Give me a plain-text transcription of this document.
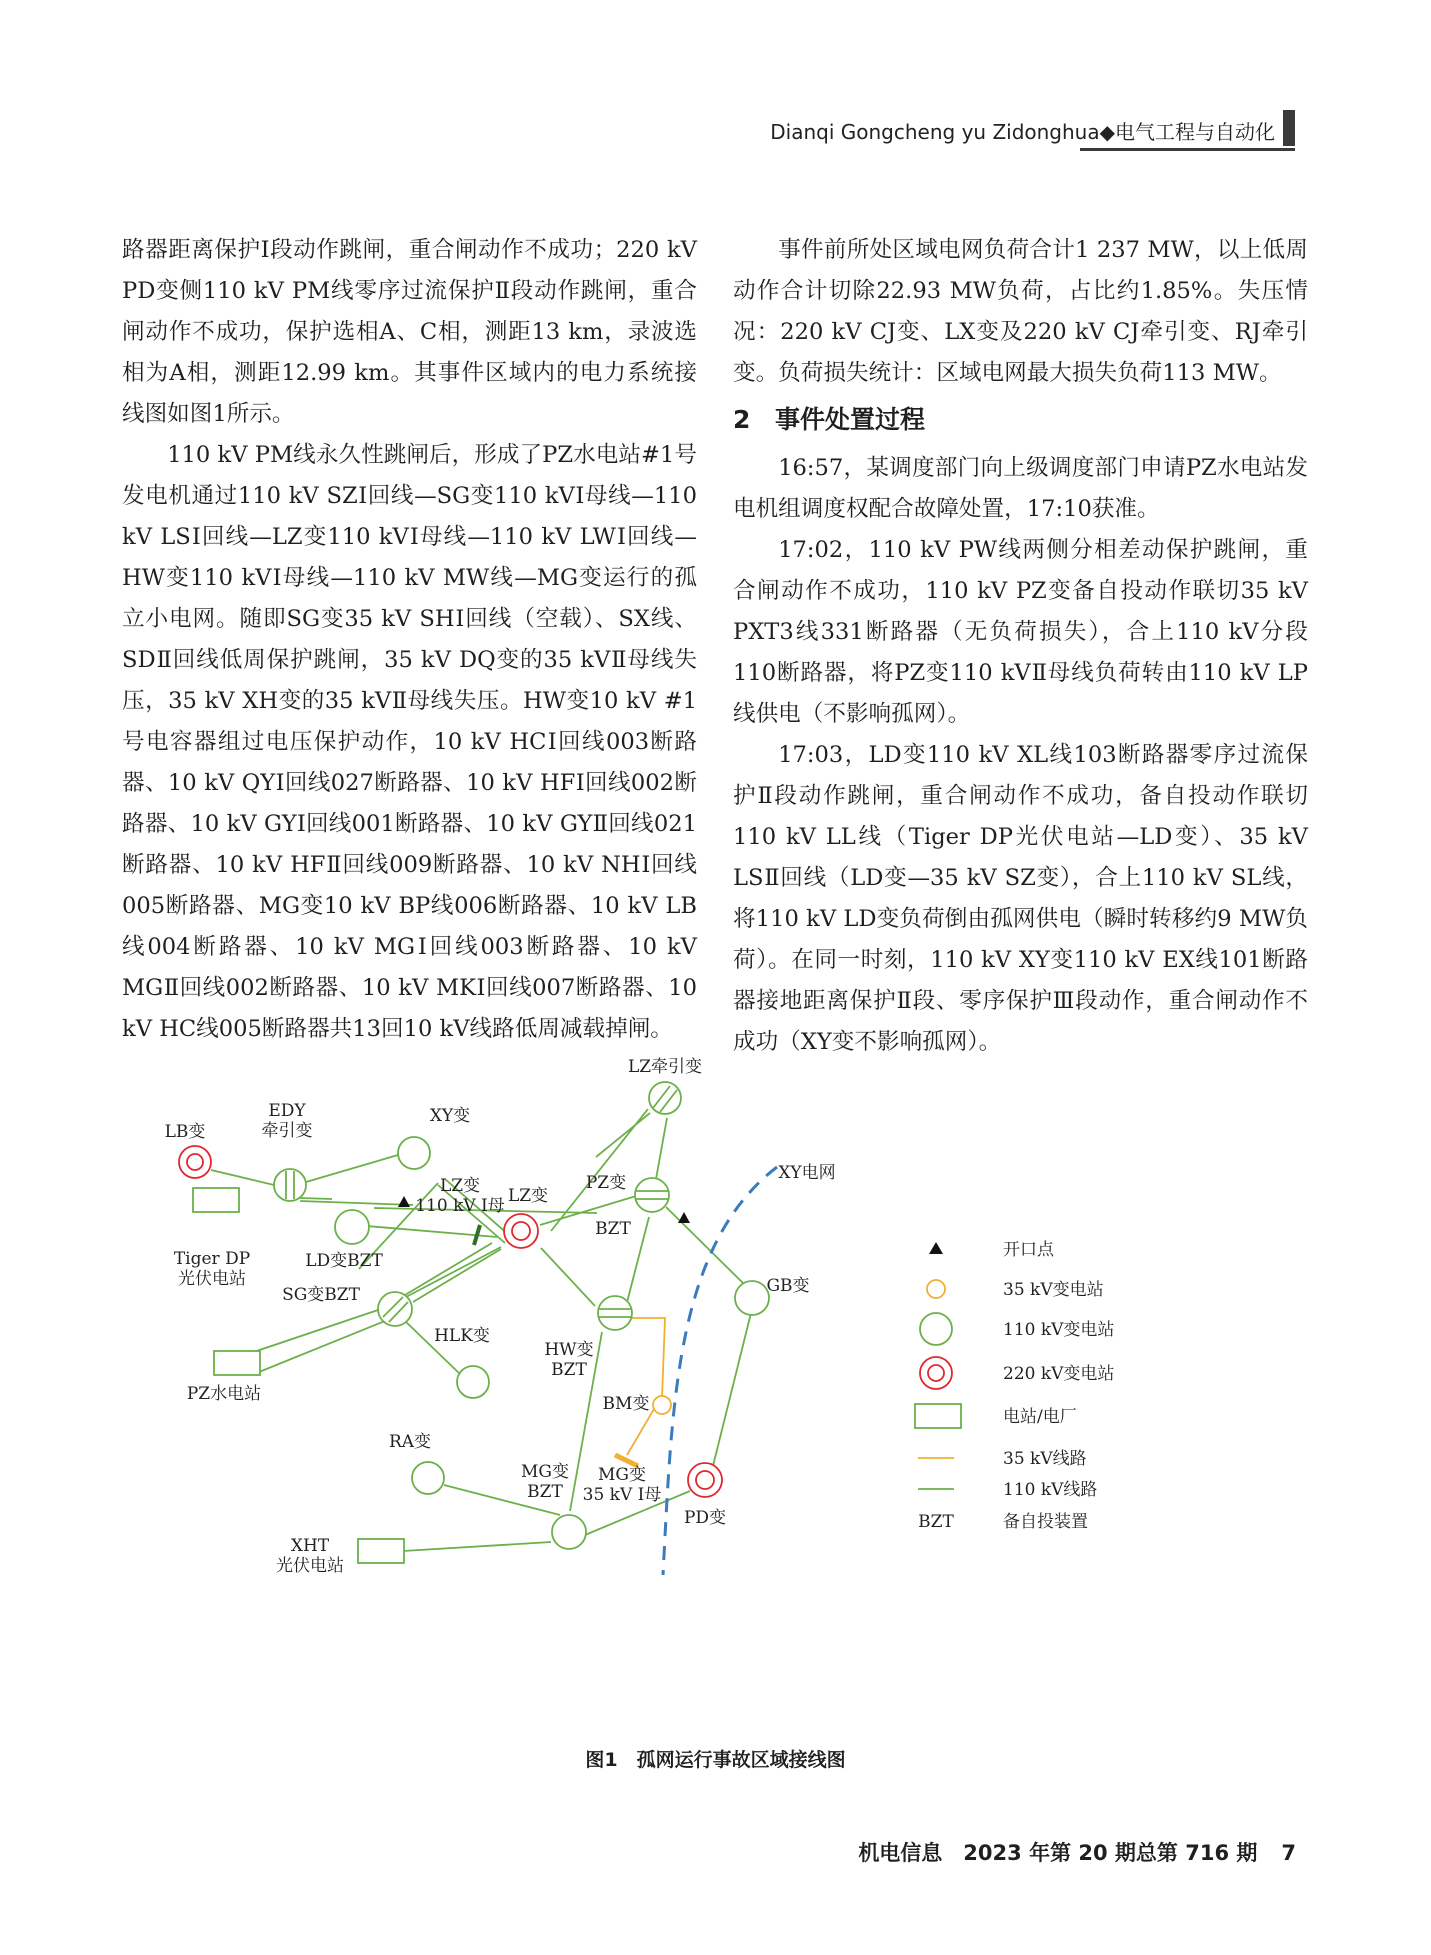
Dianqi Gongcheng yu Zidonghua◆电气工程与自动化

路器距离保护Ⅰ段动作跳闸，重合闸动作不成功；220 kV PD变侧110 kV PM线零序过流保护Ⅱ段动作跳闸，重合闸动作不成功，保护选相A、C相，测距13 km，录波选相为A相，测距12.99 km。其事件区域内的电力系统接线图如图1所示。

110 kV PM线永久性跳闸后，形成了PZ水电站#1号发电机通过110 kV SZⅠ回线—SG变110 kVⅠ母线—110 kV LSⅠ回线—LZ变110 kVⅠ母线—110 kV LWⅠ回线—HW变110 kVⅠ母线—110 kV MW线—MG变运行的孤立小电网。随即SG变35 kV SHⅠ回线（空载）、SX线、SDⅡ回线低周保护跳闸，35 kV DQ变的35 kVⅡ母线失压，35 kV XH变的35 kVⅡ母线失压。HW变10 kV #1号电容器组过电压保护动作，10 kV HCⅠ回线003断路器、10 kV QYⅠ回线027断路器、10 kV HFⅠ回线002断路器、10 kV GYⅠ回线001断路器、10 kV GYⅡ回线021断路器、10 kV HFⅡ回线009断路器、10 kV NHⅠ回线005断路器、MG变10 kV BP线006断路器、10 kV LB线004断路器、10 kV MGⅠ回线003断路器、10 kV MGⅡ回线002断路器、10 kV MKⅠ回线007断路器、10 kV HC线005断路器共13回10 kV线路低周减载掉闸。

事件前所处区域电网负荷合计1 237 MW，以上低周动作合计切除22.93 MW负荷，占比约1.85%。失压情况：220 kV CJ变、LX变及220 kV CJ牵引变、RJ牵引变。负荷损失统计：区域电网最大损失负荷113 MW。

2 事件处置过程

16:57，某调度部门向上级调度部门申请PZ水电站发电机组调度权配合故障处置，17:10获准。

17:02，110 kV PW线两侧分相差动保护跳闸，重合闸动作不成功，110 kV PZ变备自投动作联切35 kV PXT3线331断路器（无负荷损失），合上110 kV分段110断路器，将PZ变110 kVⅡ母线负荷转由110 kV LP线供电（不影响孤网）。

17:03，LD变110 kV XL线103断路器零序过流保护Ⅱ段动作跳闸，重合闸动作不成功，备自投动作联切110 kV LL线（Tiger DP光伏电站—LD变）、35 kV LSⅡ回线（LD变—35 kV SZ变），合上110 kV SL线，将110 kV LD变负荷倒由孤网供电（瞬时转移约9 MW负荷）。在同一时刻，110 kV XY变110 kV EX线101断路器接地距离保护Ⅱ段、零序保护Ⅲ段动作，重合闸动作不成功（XY变不影响孤网）。

LB变
EDY
牵引变
XY变
LZ牵引变
XY电网
LZ变
110 kV Ⅰ母 LZ变
PZ变
BZT
Tiger DP
光伏电站
LD变BZT
SG变BZT
HLK变
HW变
BZT
GB变
BM变
PZ水电站
RA变
MG变
BZT
MG变
35 kV Ⅰ母
PD变
XHT
光伏电站
开口点
35 kV变电站
110 kV变电站
220 kV变电站
电站/电厂
35 kV线路
110 kV线路
BZT	备自投装置
图1　孤网运行事故区域接线图
机电信息　2023 年第 20 期总第 716 期 7
